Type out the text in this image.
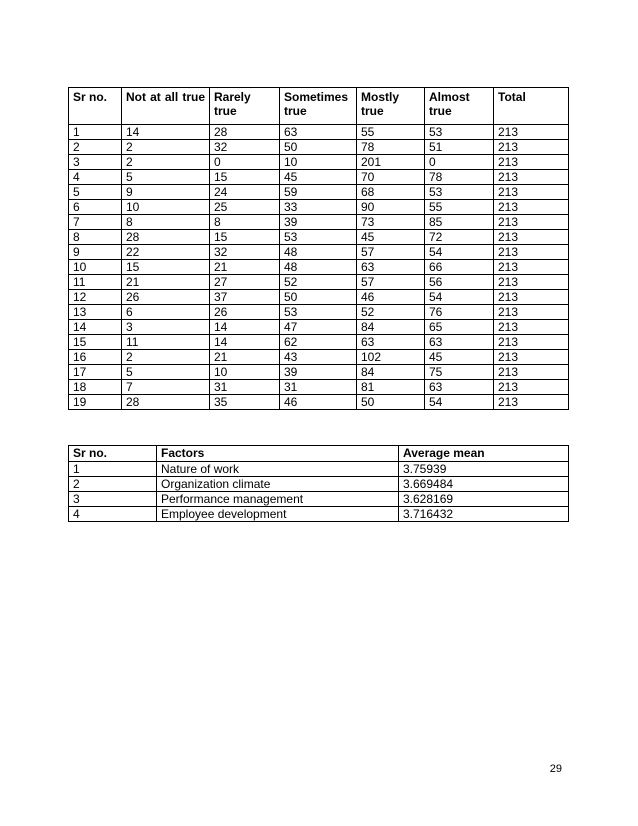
Sr no.	Not at all true	Rarely true	Sometimes true	Mostly true	Almost true	Total
1	14	28	63	55	53	213
2	2	32	50	78	51	213
3	2	0	10	201	0	213
4	5	15	45	70	78	213
5	9	24	59	68	53	213
6	10	25	33	90	55	213
7	8	8	39	73	85	213
8	28	15	53	45	72	213
9	22	32	48	57	54	213
10	15	21	48	63	66	213
11	21	27	52	57	56	213
12	26	37	50	46	54	213
13	6	26	53	52	76	213
14	3	14	47	84	65	213
15	11	14	62	63	63	213
16	2	21	43	102	45	213
17	5	10	39	84	75	213
18	7	31	31	81	63	213
19	28	35	46	50	54	213
Sr no.	Factors	Average mean
1	Nature of work	3.75939
2	Organization climate	3.669484
3	Performance management	3.628169
4	Employee development	3.716432
29
